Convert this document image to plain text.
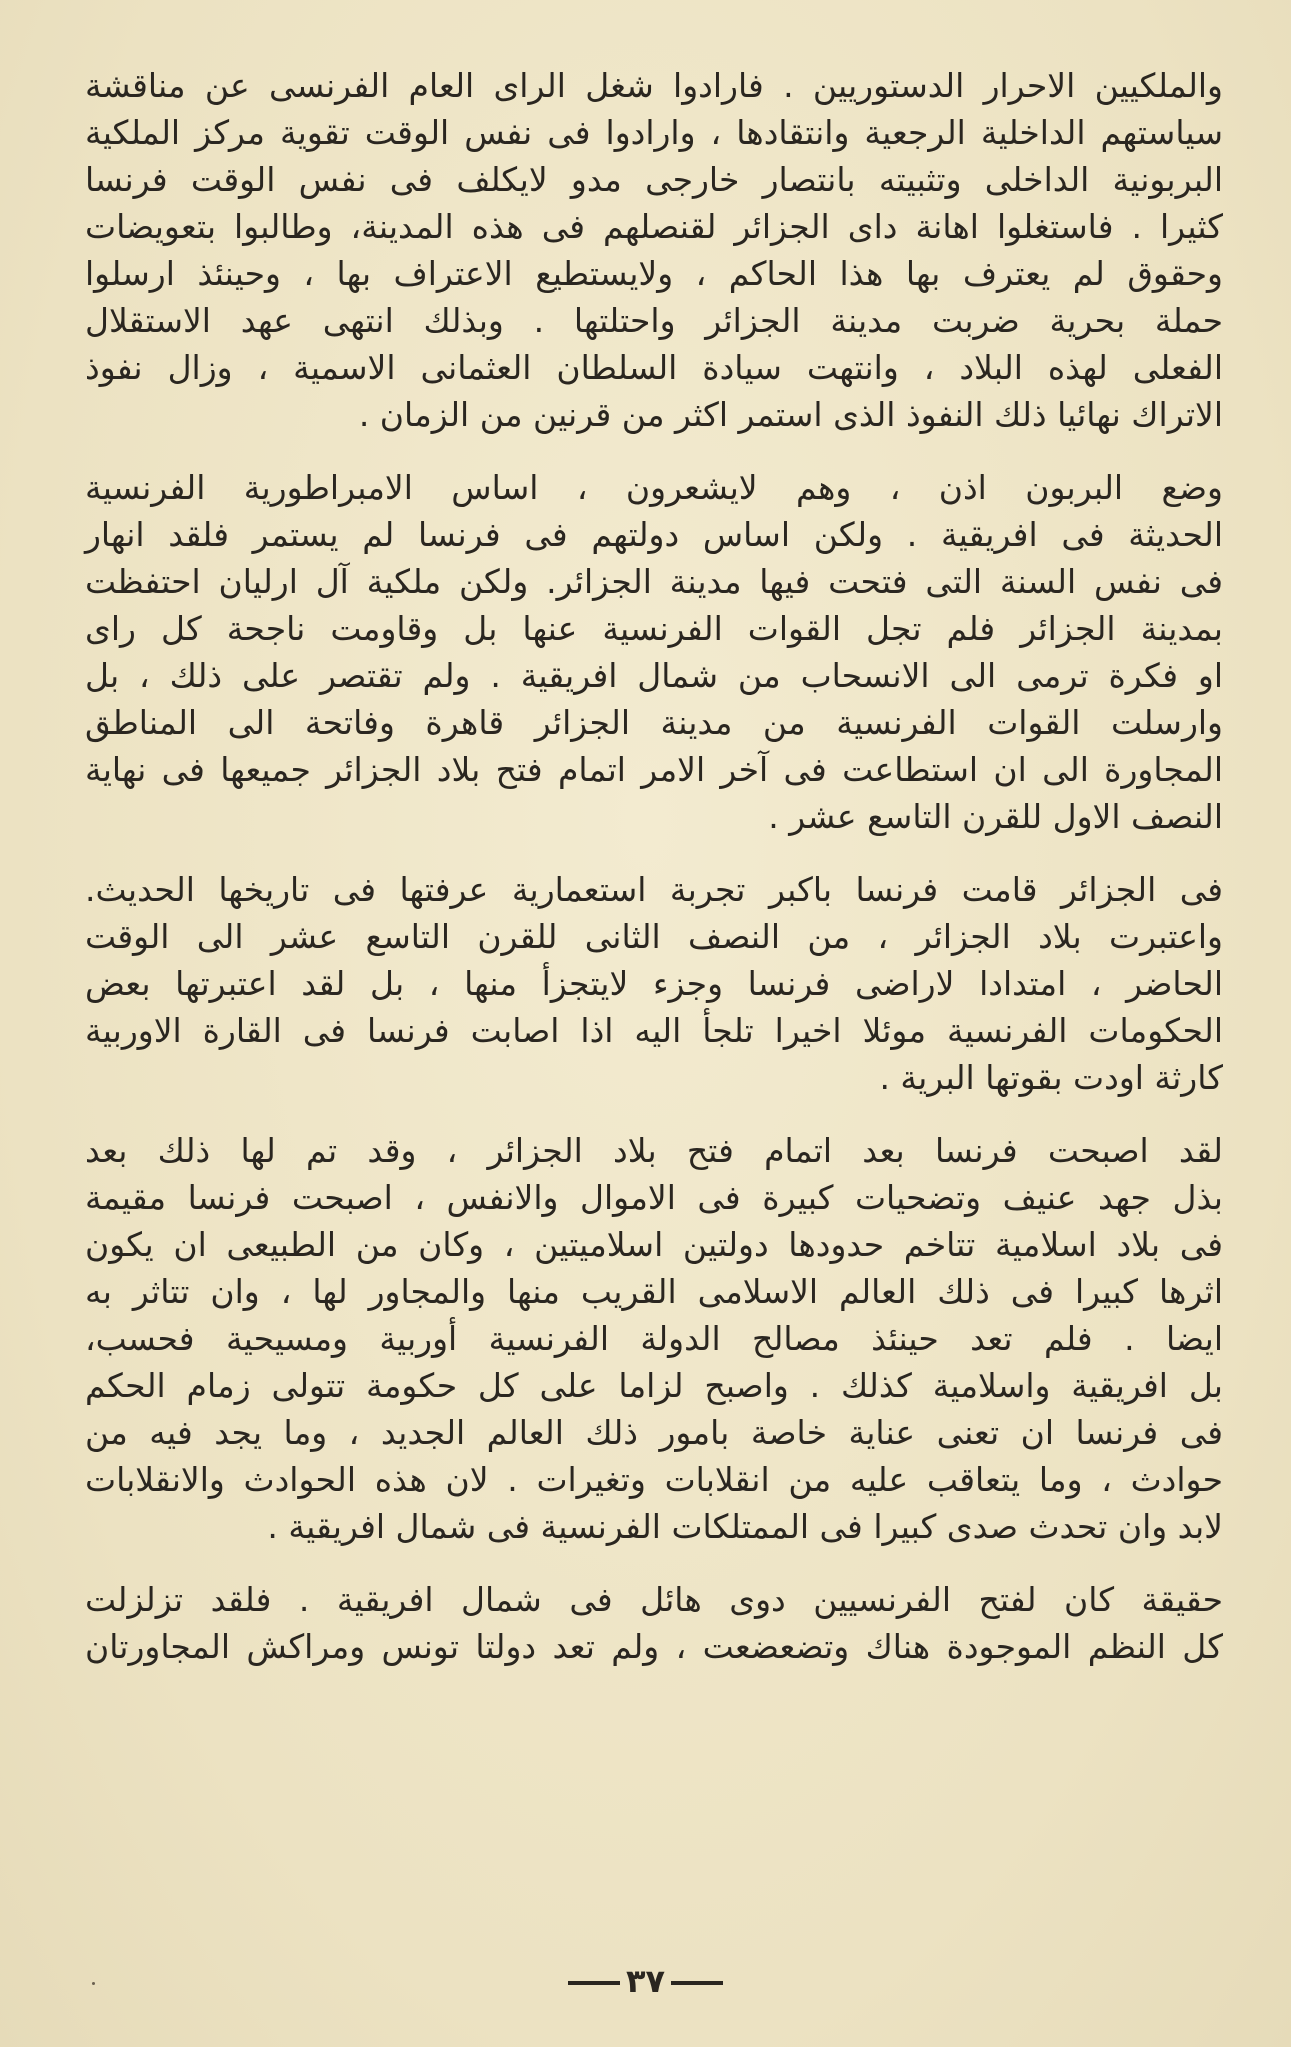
والملكيين الاحرار الدستوريين . فارادوا شغل الراى العام الفرنسى عن مناقشة
سياستهم الداخلية الرجعية وانتقادها ، وارادوا فى نفس الوقت تقوية مركز الملكية
البربونية الداخلى وتثبيته بانتصار خارجى مدو لايكلف فى نفس الوقت فرنسا
كثيرا . فاستغلوا اهانة داى الجزائر لقنصلهم فى هذه المدينة، وطالبوا بتعويضات
وحقوق لم يعترف بها هذا الحاكم ، ولايستطيع الاعتراف بها ، وحينئذ ارسلوا
حملة بحرية ضربت مدينة الجزائر واحتلتها . وبذلك انتهى عهد الاستقلال
الفعلى لهذه البلاد ، وانتهت سيادة السلطان العثمانى الاسمية ، وزال نفوذ
الاتراك نهائيا ذلك النفوذ الذى استمر اكثر من قرنين من الزمان .
وضع البربون اذن ، وهم لايشعرون ، اساس الامبراطورية الفرنسية
الحديثة فى افريقية . ولكن اساس دولتهم فى فرنسا لم يستمر فلقد انهار
فى نفس السنة التى فتحت فيها مدينة الجزائر. ولكن ملكية آل ارليان احتفظت
بمدينة الجزائر فلم تجل القوات الفرنسية عنها بل وقاومت ناجحة كل راى
او فكرة ترمى الى الانسحاب من شمال افريقية . ولم تقتصر على ذلك ، بل
وارسلت القوات الفرنسية من مدينة الجزائر قاهرة وفاتحة الى المناطق
المجاورة الى ان استطاعت فى آخر الامر اتمام فتح بلاد الجزائر جميعها فى نهاية
النصف الاول للقرن التاسع عشر .
فى الجزائر قامت فرنسا باكبر تجربة استعمارية عرفتها فى تاريخها الحديث.
واعتبرت بلاد الجزائر ، من النصف الثانى للقرن التاسع عشر الى الوقت
الحاضر ، امتدادا لاراضى فرنسا وجزء لايتجزأ منها ، بل لقد اعتبرتها بعض
الحكومات الفرنسية موئلا اخيرا تلجأ اليه اذا اصابت فرنسا فى القارة الاوربية
كارثة اودت بقوتها البرية .
لقد اصبحت فرنسا بعد اتمام فتح بلاد الجزائر ، وقد تم لها ذلك بعد
بذل جهد عنيف وتضحيات كبيرة فى الاموال والانفس ، اصبحت فرنسا مقيمة
فى بلاد اسلامية تتاخم حدودها دولتين اسلاميتين ، وكان من الطبيعى ان يكون
اثرها كبيرا فى ذلك العالم الاسلامى القريب منها والمجاور لها ، وان تتاثر به
ايضا . فلم تعد حينئذ مصالح الدولة الفرنسية أوربية ومسيحية فحسب،
بل افريقية واسلامية كذلك . واصبح لزاما على كل حكومة تتولى زمام الحكم
فى فرنسا ان تعنى عناية خاصة بامور ذلك العالم الجديد ، وما يجد فيه من
حوادث ، وما يتعاقب عليه من انقلابات وتغيرات . لان هذه الحوادث والانقلابات
لابد وان تحدث صدى كبيرا فى الممتلكات الفرنسية فى شمال افريقية .
حقيقة كان لفتح الفرنسيين دوى هائل فى شمال افريقية . فلقد تزلزلت
كل النظم الموجودة هناك وتضعضعت ، ولم تعد دولتا تونس ومراكش المجاورتان
٣٧
